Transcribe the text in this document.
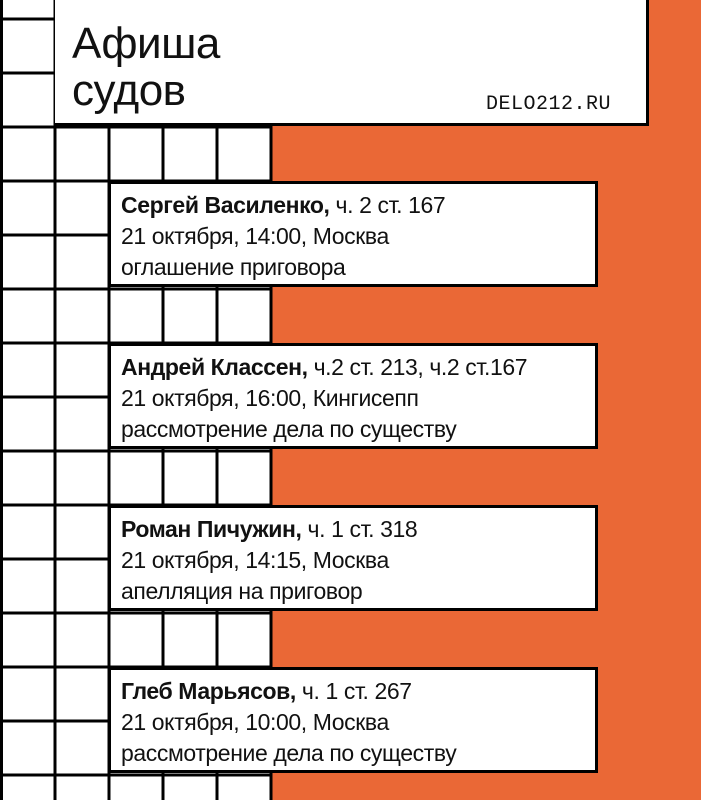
Афиша
судов	DELO212.RU
Сергей Василенко, ч. 2 ст. 167
21 октября, 14:00, Москва
оглашение приговора
Андрей Классен, ч.2 ст. 213, ч.2 ст.167
21 октября, 16:00, Кингисепп
рассмотрение дела по существу
Роман Пичужин, ч. 1 ст. 318
21 октября, 14:15, Москва
апелляция на приговор
Глеб Марьясов, ч. 1 ст. 267
21 октября, 10:00, Москва
рассмотрение дела по существу
